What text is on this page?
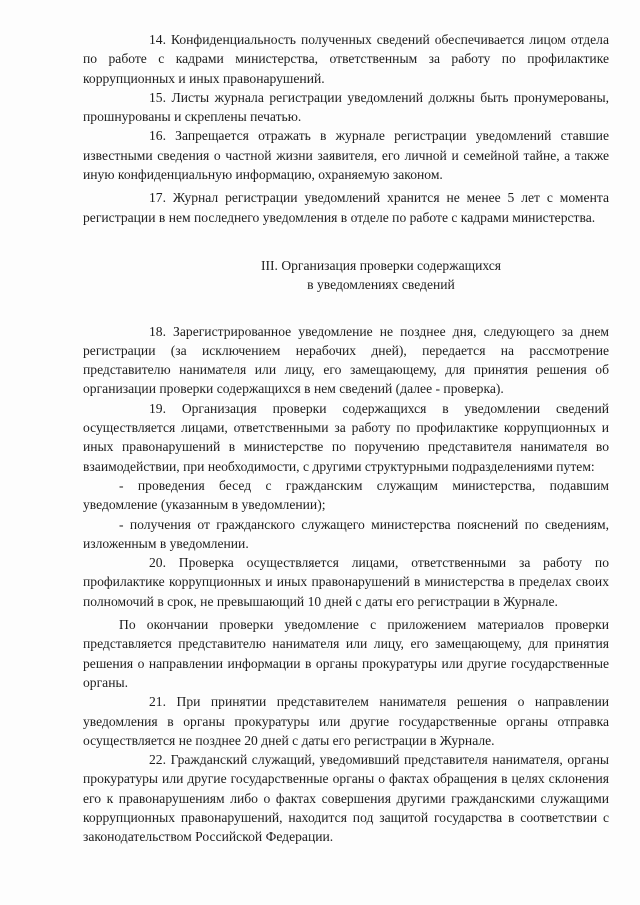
14. Конфиденциальность полученных сведений обеспечивается лицом отдела по работе с кадрами министерства, ответственным за работу по профилактике коррупционных и иных правонарушений.

15. Листы журнала регистрации уведомлений должны быть пронумерованы, прошнурованы и скреплены печатью.

16. Запрещается отражать в журнале регистрации уведомлений ставшие известными сведения о частной жизни заявителя, его личной и семейной тайне, а также иную конфиденциальную информацию, охраняемую законом.

17. Журнал регистрации уведомлений хранится не менее 5 лет с момента регистрации в нем последнего уведомления в отделе по работе с кадрами министерства.

III. Организация проверки содержащихся
в уведомлениях сведений

18. Зарегистрированное уведомление не позднее дня, следующего за днем регистрации (за исключением нерабочих дней), передается на рассмотрение представителю нанимателя или лицу, его замещающему, для принятия решения об организации проверки содержащихся в нем сведений (далее - проверка).

19. Организация проверки содержащихся в уведомлении сведений осуществляется лицами, ответственными за работу по профилактике коррупционных и иных правонарушений в министерстве по поручению представителя нанимателя во взаимодействии, при необходимости, с другими структурными подразделениями путем:

- проведения бесед с гражданским служащим министерства, подавшим уведомление (указанным в уведомлении);

- получения от гражданского служащего министерства пояснений по сведениям, изложенным в уведомлении.

20. Проверка осуществляется лицами, ответственными за работу по профилактике коррупционных и иных правонарушений в министерства в пределах своих полномочий в срок, не превышающий 10 дней с даты его регистрации в Журнале.

По окончании проверки уведомление с приложением материалов проверки представляется представителю нанимателя или лицу, его замещающему, для принятия решения о направлении информации в органы прокуратуры или другие государственные органы.

21. При принятии представителем нанимателя решения о направлении уведомления в органы прокуратуры или другие государственные органы отправка осуществляется не позднее 20 дней с даты его регистрации в Журнале.

22. Гражданский служащий, уведомивший представителя нанимателя, органы прокуратуры или другие государственные органы о фактах обращения в целях склонения его к правонарушениям либо о фактах совершения другими гражданскими служащими коррупционных правонарушений, находится под защитой государства в соответствии с законодательством Российской Федерации.
